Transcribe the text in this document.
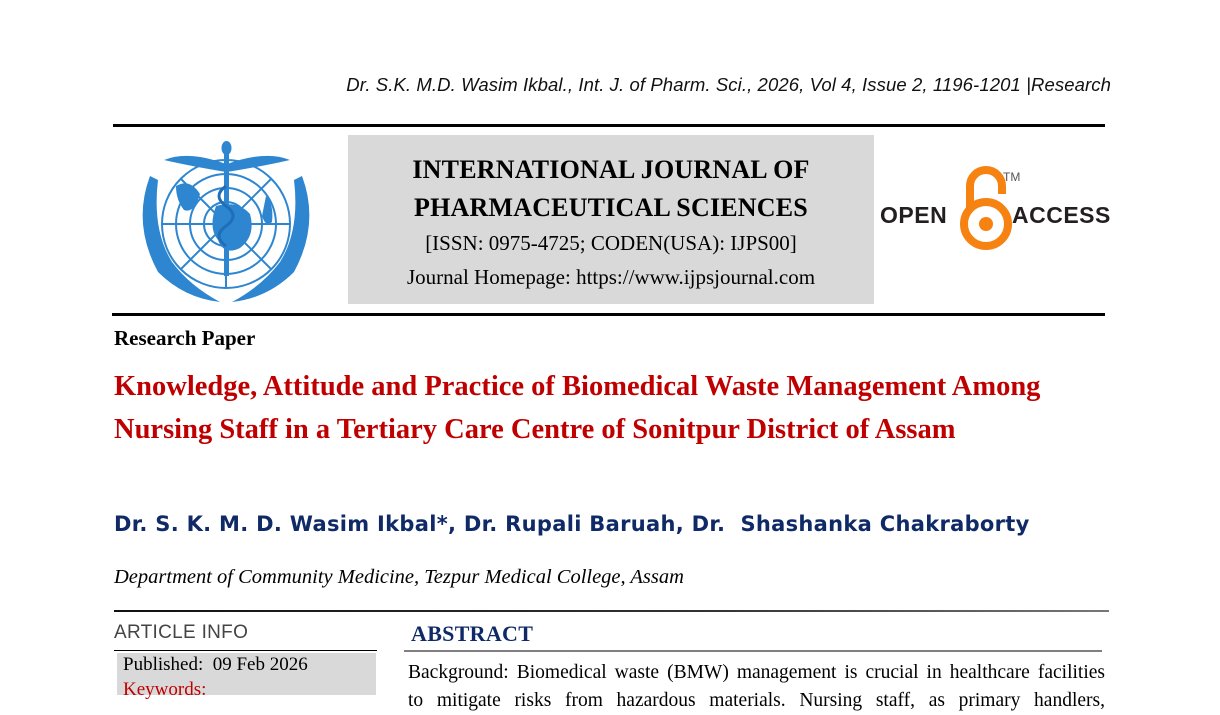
Dr. S.K. M.D. Wasim Ikbal., Int. J. of Pharm. Sci., 2026, Vol 4, Issue 2, 1196-1201 |Research
INTERNATIONAL JOURNAL OF
PHARMACEUTICAL SCIENCES
[ISSN: 0975-4725; CODEN(USA): IJPS00]
Journal Homepage: https://www.ijpsjournal.com
OPEN
TM
ACCESS
Research Paper
Knowledge, Attitude and Practice of Biomedical Waste Management Among Nursing Staff in a Tertiary Care Centre of Sonitpur District of Assam
Dr. S. K. M. D. Wasim Ikbal*, Dr. Rupali Baruah, Dr.  Shashanka Chakraborty
Department of Community Medicine, Tezpur Medical College, Assam
ARTICLE INFO
Published:  09 Feb 2026
Keywords:
ABSTRACT
Background: Biomedical waste (BMW) management is crucial in healthcare facilities
to mitigate risks from hazardous materials. Nursing staff, as primary handlers,
